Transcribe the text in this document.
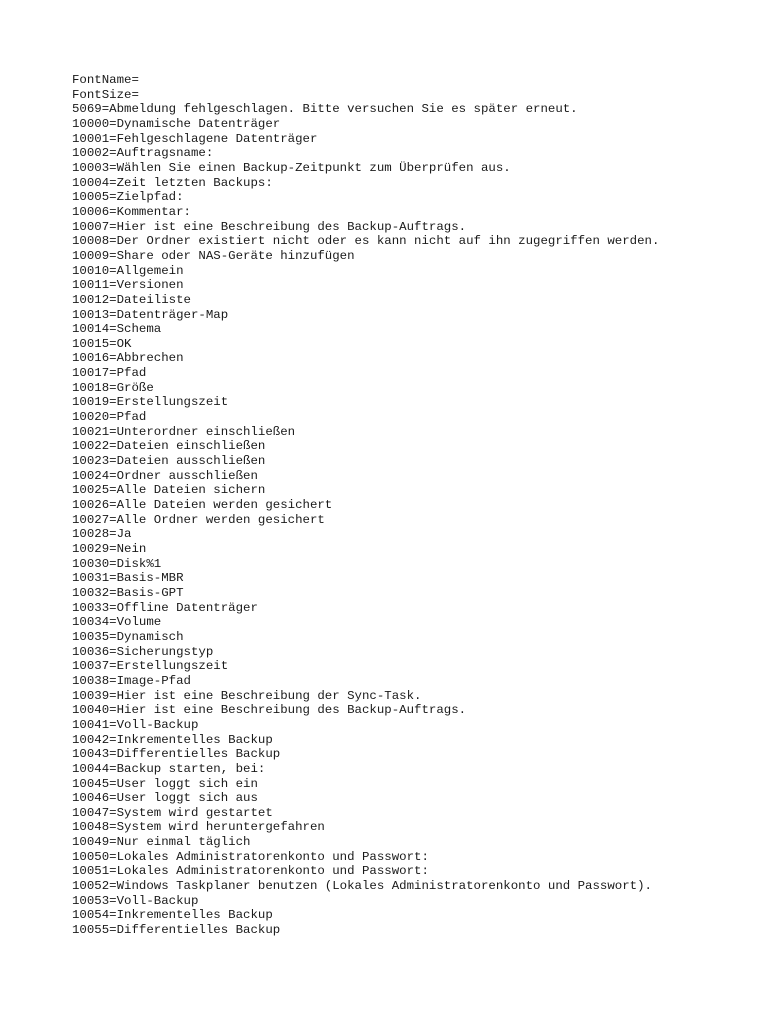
FontName=
FontSize=
5069=Abmeldung fehlgeschlagen. Bitte versuchen Sie es später erneut.
10000=Dynamische Datenträger
10001=Fehlgeschlagene Datenträger
10002=Auftragsname:
10003=Wählen Sie einen Backup-Zeitpunkt zum Überprüfen aus.
10004=Zeit letzten Backups:
10005=Zielpfad:
10006=Kommentar:
10007=Hier ist eine Beschreibung des Backup-Auftrags.
10008=Der Ordner existiert nicht oder es kann nicht auf ihn zugegriffen werden.
10009=Share oder NAS-Geräte hinzufügen
10010=Allgemein
10011=Versionen
10012=Dateiliste
10013=Datenträger-Map
10014=Schema
10015=OK
10016=Abbrechen
10017=Pfad
10018=Größe
10019=Erstellungszeit
10020=Pfad
10021=Unterordner einschließen
10022=Dateien einschließen
10023=Dateien ausschließen
10024=Ordner ausschließen
10025=Alle Dateien sichern
10026=Alle Dateien werden gesichert
10027=Alle Ordner werden gesichert
10028=Ja
10029=Nein
10030=Disk%1
10031=Basis-MBR
10032=Basis-GPT
10033=Offline Datenträger
10034=Volume
10035=Dynamisch
10036=Sicherungstyp
10037=Erstellungszeit
10038=Image-Pfad
10039=Hier ist eine Beschreibung der Sync-Task.
10040=Hier ist eine Beschreibung des Backup-Auftrags.
10041=Voll-Backup
10042=Inkrementelles Backup
10043=Differentielles Backup
10044=Backup starten, bei:
10045=User loggt sich ein
10046=User loggt sich aus
10047=System wird gestartet
10048=System wird heruntergefahren
10049=Nur einmal täglich
10050=Lokales Administratorenkonto und Passwort:
10051=Lokales Administratorenkonto und Passwort:
10052=Windows Taskplaner benutzen (Lokales Administratorenkonto und Passwort).
10053=Voll-Backup
10054=Inkrementelles Backup
10055=Differentielles Backup
